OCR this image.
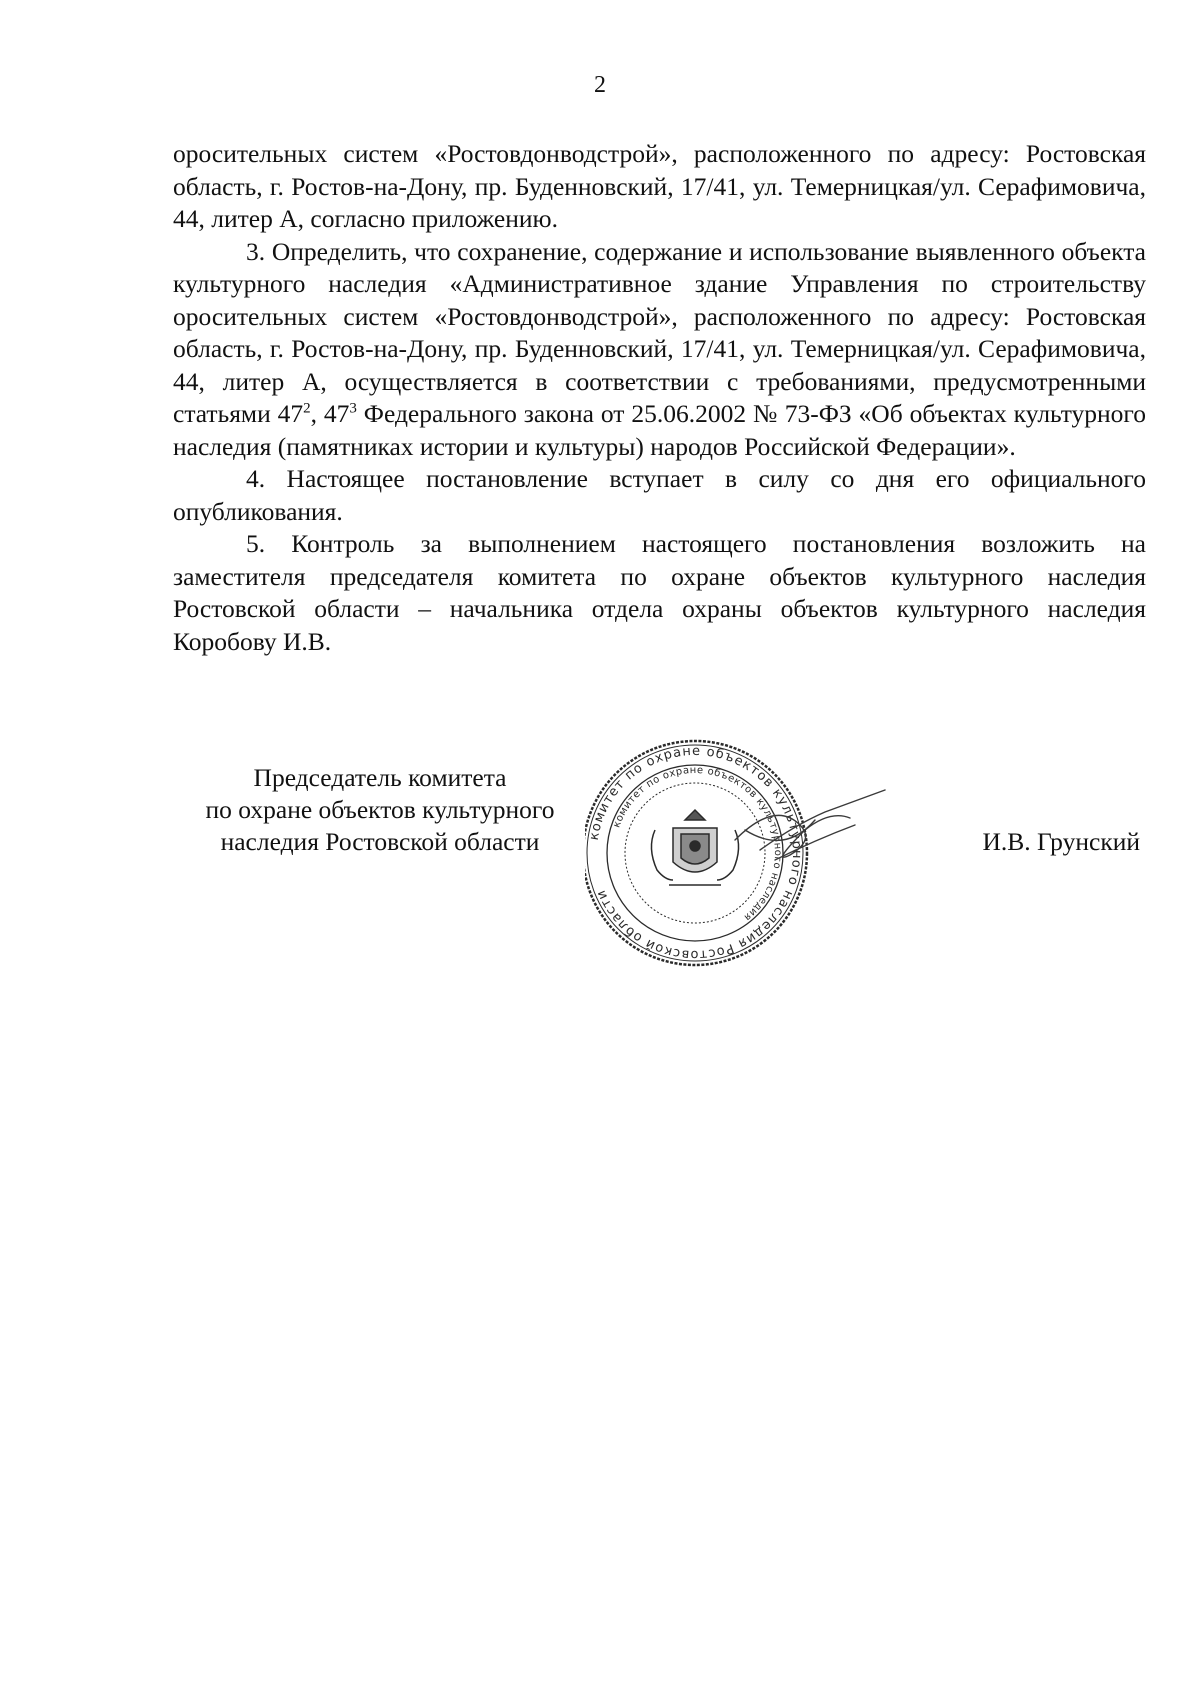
2

оросительных систем «Ростовдонводстрой», расположенного по адресу: Ростовская область, г. Ростов-на-Дону, пр. Буденновский, 17/41, ул. Темерницкая/ул. Серафимовича, 44, литер А, согласно приложению.

3. Определить, что сохранение, содержание и использование выявленного объекта культурного наследия «Административное здание Управления по строительству оросительных систем «Ростовдонводстрой», расположенного по адресу: Ростовская область, г. Ростов-на-Дону, пр. Буденновский, 17/41, ул. Темерницкая/ул. Серафимовича, 44, литер А, осуществляется в соответствии с требованиями, предусмотренными статьями $47^2$, $47^3$ Федерального закона от 25.06.2002 № 73-ФЗ «Об объектах культурного наследия (памятниках истории и культуры) народов Российской Федерации».

4. Настоящее постановление вступает в силу со дня его официального опубликования.

5. Контроль за выполнением настоящего постановления возложить на заместителя председателя комитета по охране объектов культурного наследия Ростовской области – начальника отдела охраны объектов культурного наследия Коробову И.В.

Председатель комитета
по охране объектов культурного
наследия Ростовской области	комитет по охране объектов культурного наследия Ростовской области
комитет по охране объектов культурного наследия
И.В. Грунский
